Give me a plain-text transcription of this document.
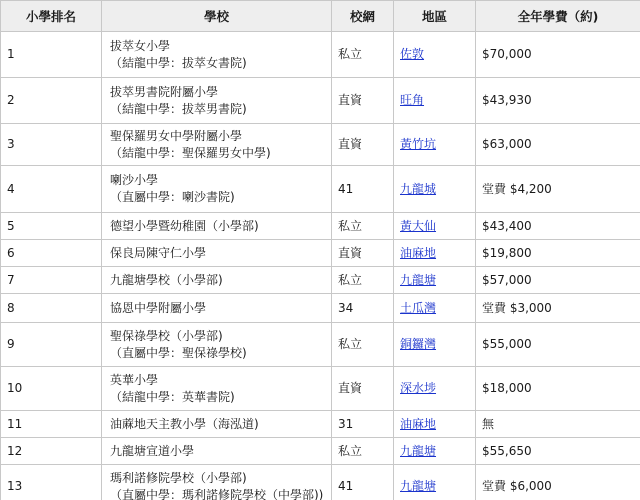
小學排名	學校	校網	地區	全年學費（約)
1	拔萃女小學
（結龍中學：拔萃女書院)	私立	佐敦	$70,000
2	拔萃男書院附屬小學
（結龍中學：拔萃男書院)	直資	旺角	$43,930
3	聖保羅男女中學附屬小學
（結龍中學：聖保羅男女中學)	直資	黃竹坑	$63,000
4	喇沙小學
（直屬中學：喇沙書院)	41	九龍城	堂費 $4,200
5	德望小學暨幼稚園（小學部)	私立	黃大仙	$43,400
6	保良局陳守仁小學	直資	油麻地	$19,800
7	九龍塘學校（小學部)	私立	九龍塘	$57,000
8	協恩中學附屬小學	34	土瓜灣	堂費 $3,000
9	聖保祿學校（小學部)
（直屬中學：聖保祿學校)	私立	銅鑼灣	$55,000
10	英華小學
（結龍中學：英華書院)	直資	深水埗	$18,000
11	油蔴地天主教小學（海泓道)	31	油麻地	無
12	九龍塘宣道小學	私立	九龍塘	$55,650
13	瑪利諾修院學校（小學部)
（直屬中學：瑪利諾修院學校（中學部))	41	九龍塘	堂費 $6,000
